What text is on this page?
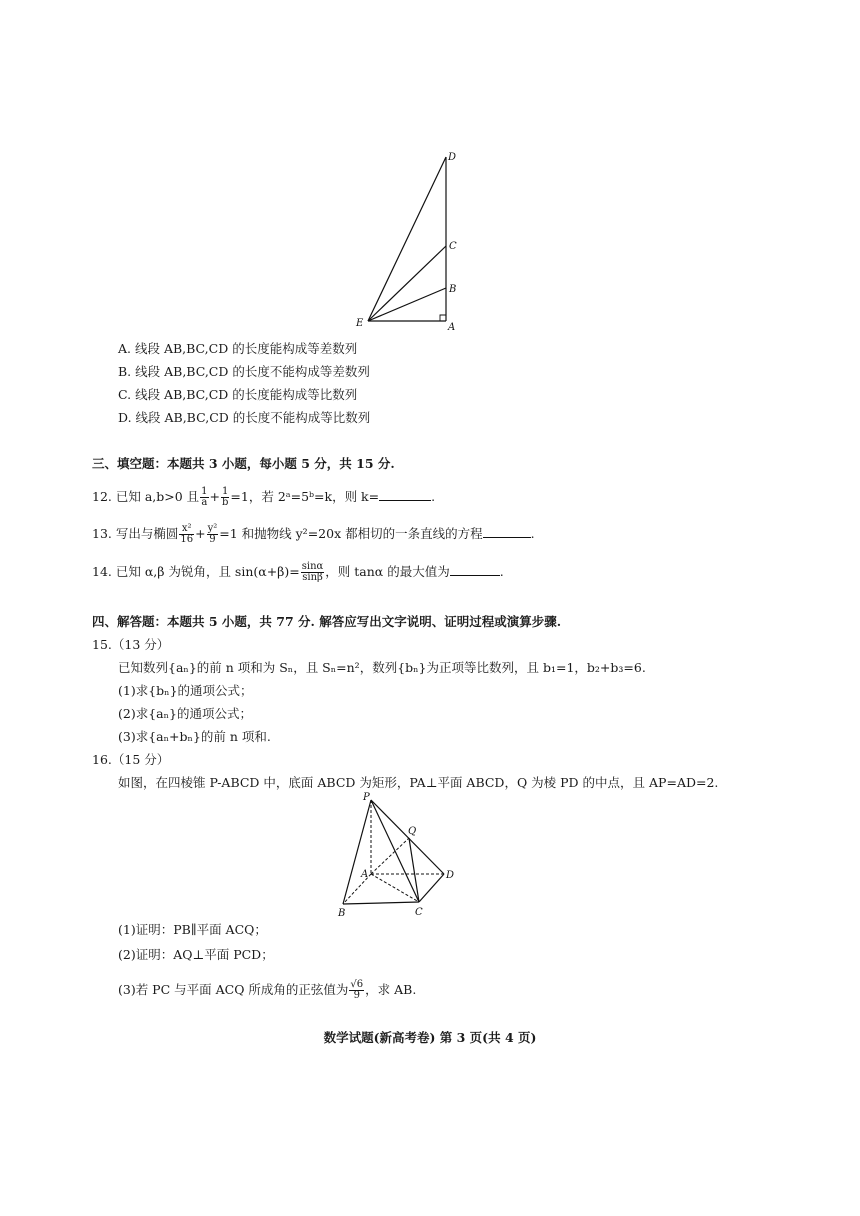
D
C
B
E	A
A. 线段 AB,BC,CD 的长度能构成等差数列
B. 线段 AB,BC,CD 的长度不能构成等差数列
C. 线段 AB,BC,CD 的长度能构成等比数列
D. 线段 AB,BC,CD 的长度不能构成等比数列
三、填空题：本题共 3 小题，每小题 5 分，共 15 分.
12. 已知 a,b>0 且 $\frac{1}{a} + \frac{1}{b} =1$，若 2ᵃ=5ᵇ=k，则 k=	.
13. 写出与椭圆 $\frac{\text{x²}}{16} + \frac{\text{y²}}{9} =1$ 和抛物线 y²=20x 都相切的一条直线的方程	.
14. 已知 α,β 为锐角，且 $\sin(\alpha+\beta)= \frac{\sin\alpha}{\sin\beta}$ ，则 tanα 的最大值为	.
四、解答题：本题共 5 小题，共 77 分. 解答应写出文字说明、证明过程或演算步骤.
15.（13 分）
已知数列{aₙ}的前 n 项和为 Sₙ，且 Sₙ=n²，数列{bₙ}为正项等比数列，且 b₁=1，b₂+b₃=6.
(1)求{bₙ}的通项公式；
(2)求{aₙ}的通项公式；
(3)求{aₙ+bₙ}的前 n 项和.
16.（15 分）
如图，在四棱锥 P-ABCD 中，底面 ABCD 为矩形，PA⊥平面 ABCD，Q 为棱 PD 的中点，且 AP=AD=2.
P
Q
A	D
B	C
(1)证明：PB∥平面 ACQ；
(2)证明：AQ⊥平面 PCD；
(3)若 PC 与平面 ACQ 所成角的正弦值为 $\frac{√6}{9}$ ，求 AB.
数学试题(新高考卷) 第 3 页(共 4 页)
